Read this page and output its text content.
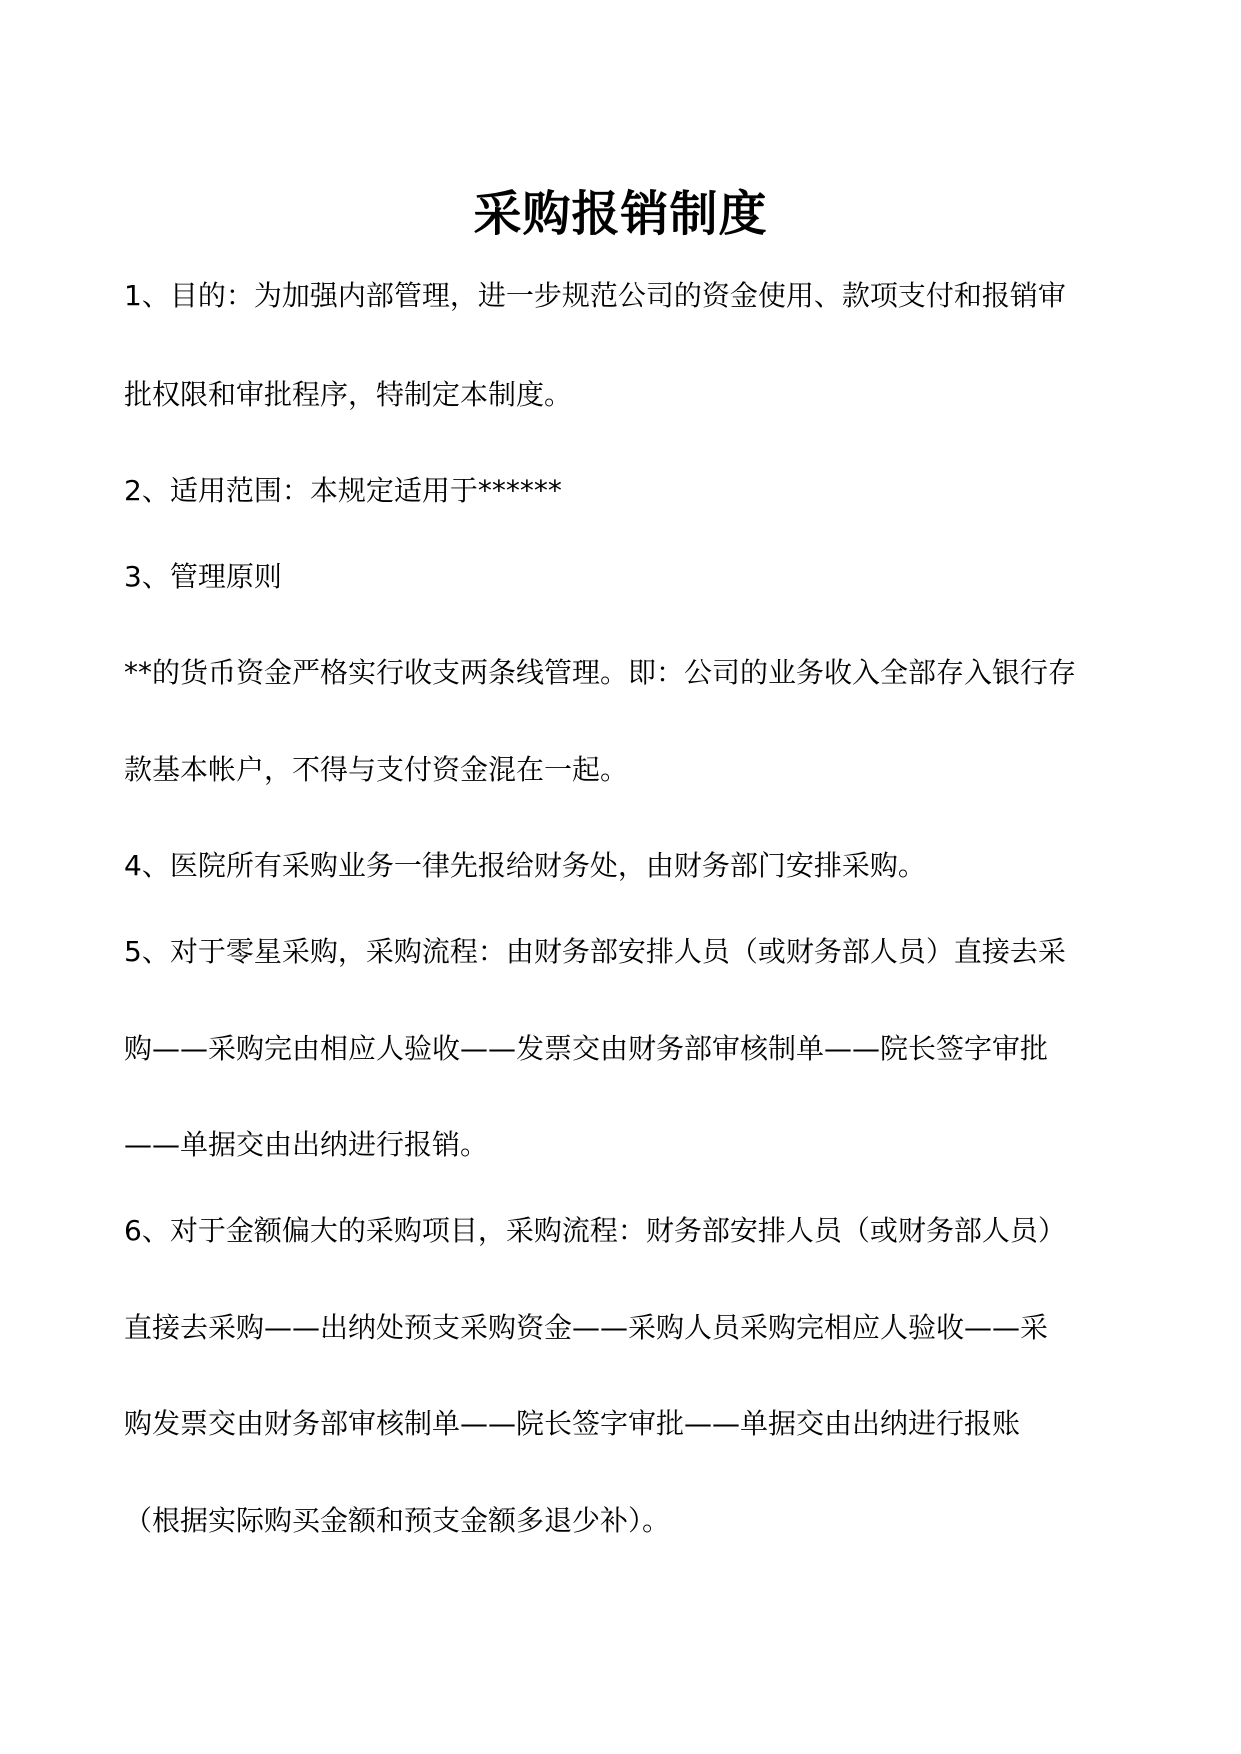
采购报销制度
1、目的：为加强内部管理，进一步规范公司的资金使用、款项支付和报销审
批权限和审批程序，特制定本制度。
2、适用范围：本规定适用于******
3、管理原则
**的货币资金严格实行收支两条线管理。即：公司的业务收入全部存入银行存
款基本帐户，不得与支付资金混在一起。
4、医院所有采购业务一律先报给财务处，由财务部门安排采购。
5、对于零星采购，采购流程：由财务部安排人员（或财务部人员）直接去采
购——采购完由相应人验收——发票交由财务部审核制单——院长签字审批
——单据交由出纳进行报销。
6、对于金额偏大的采购项目，采购流程：财务部安排人员（或财务部人员）
直接去采购——出纳处预支采购资金——采购人员采购完相应人验收——采
购发票交由财务部审核制单——院长签字审批——单据交由出纳进行报账
（根据实际购买金额和预支金额多退少补）。
